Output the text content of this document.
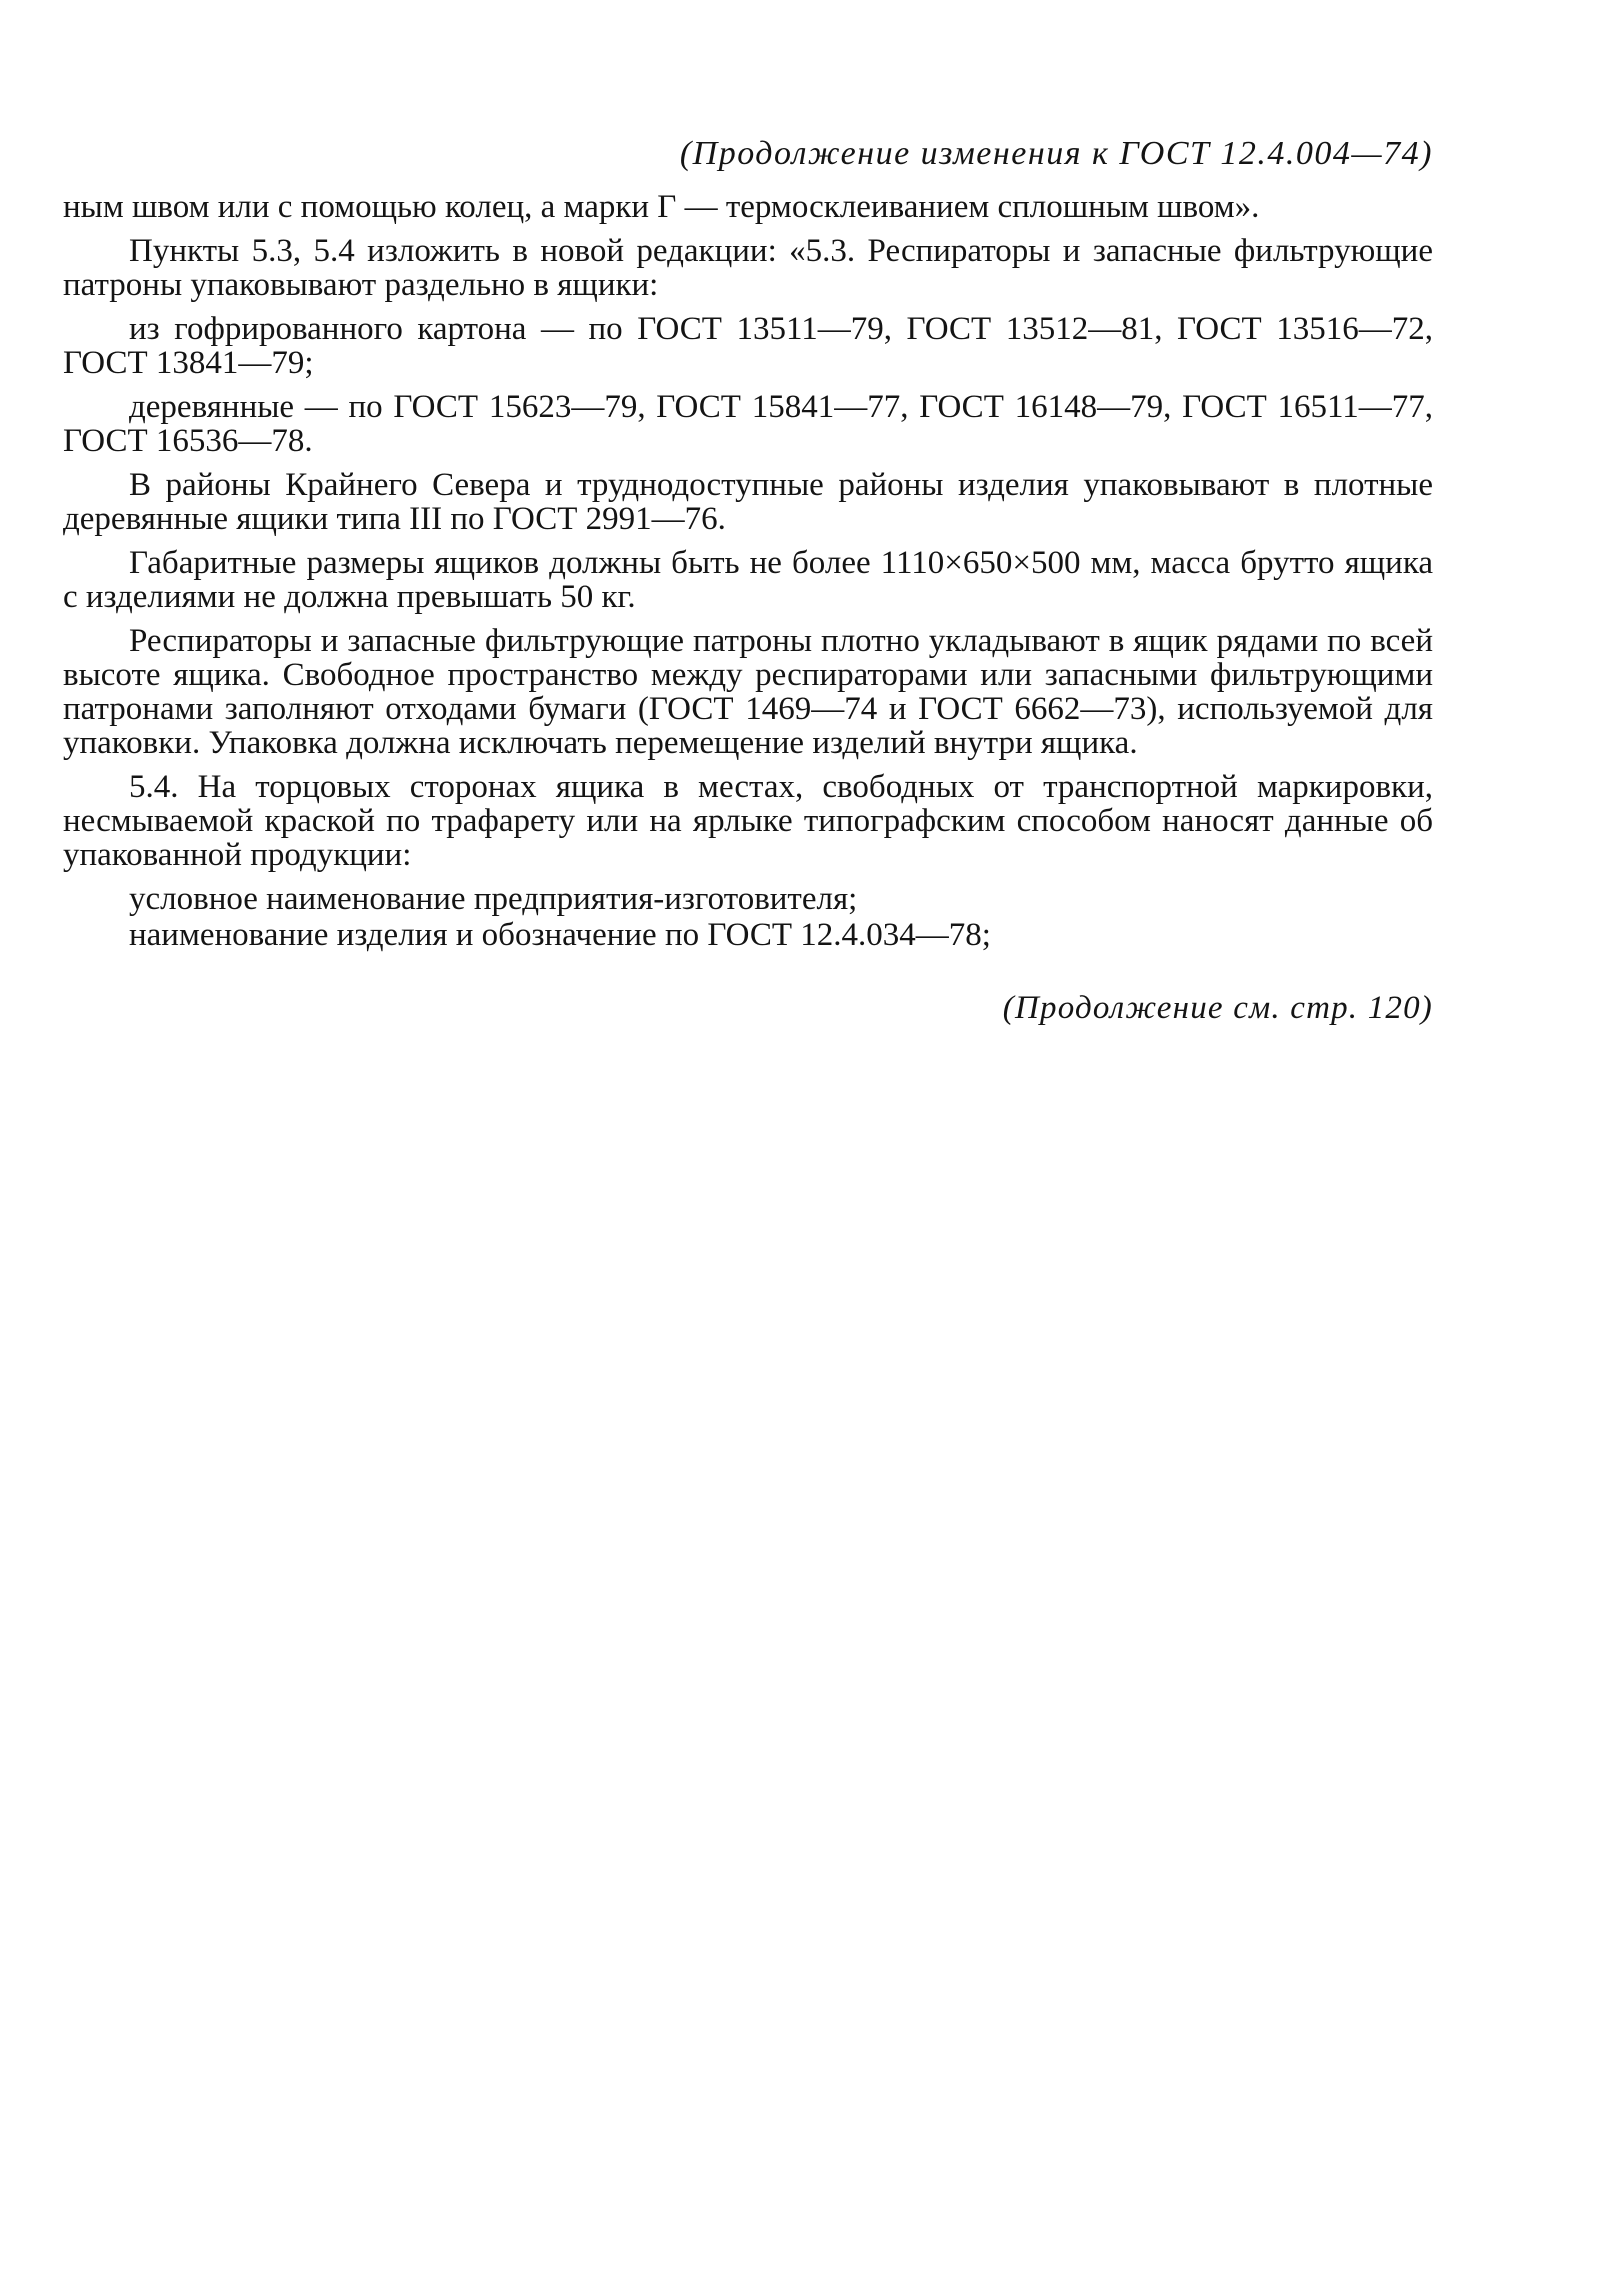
(Продолжение изменения к ГОСТ 12.4.004—74)

ным швом или с помощью колец, а марки Г — термосклеиванием сплошным швом».

Пункты 5.3, 5.4 изложить в новой редакции: «5.3. Респираторы и запасные фильтрующие патроны упаковывают раздельно в ящики:

из гофрированного картона — по ГОСТ 13511—79, ГОСТ 13512—81, ГОСТ 13516—72, ГОСТ 13841—79;

деревянные — по ГОСТ 15623—79, ГОСТ 15841—77, ГОСТ 16148—79, ГОСТ 16511—77, ГОСТ 16536—78.

В районы Крайнего Севера и труднодоступные районы изделия упаковывают в плотные деревянные ящики типа III по ГОСТ 2991—76.

Габаритные размеры ящиков должны быть не более 1110×650×500 мм, масса брутто ящика с изделиями не должна превышать 50 кг.

Респираторы и запасные фильтрующие патроны плотно укладывают в ящик рядами по всей высоте ящика. Свободное пространство между респираторами или запасными фильтрующими патронами заполняют отходами бумаги (ГОСТ 1469—74 и ГОСТ 6662—73), используемой для упаковки. Упаковка должна исключать перемещение изделий внутри ящика.

5.4. На торцовых сторонах ящика в местах, свободных от транспортной маркировки, несмываемой краской по трафарету или на ярлыке типографским способом наносят данные об упакованной продукции:

условное наименование предприятия-изготовителя;

наименование изделия и обозначение по ГОСТ 12.4.034—78;

(Продолжение см. стр. 120)
